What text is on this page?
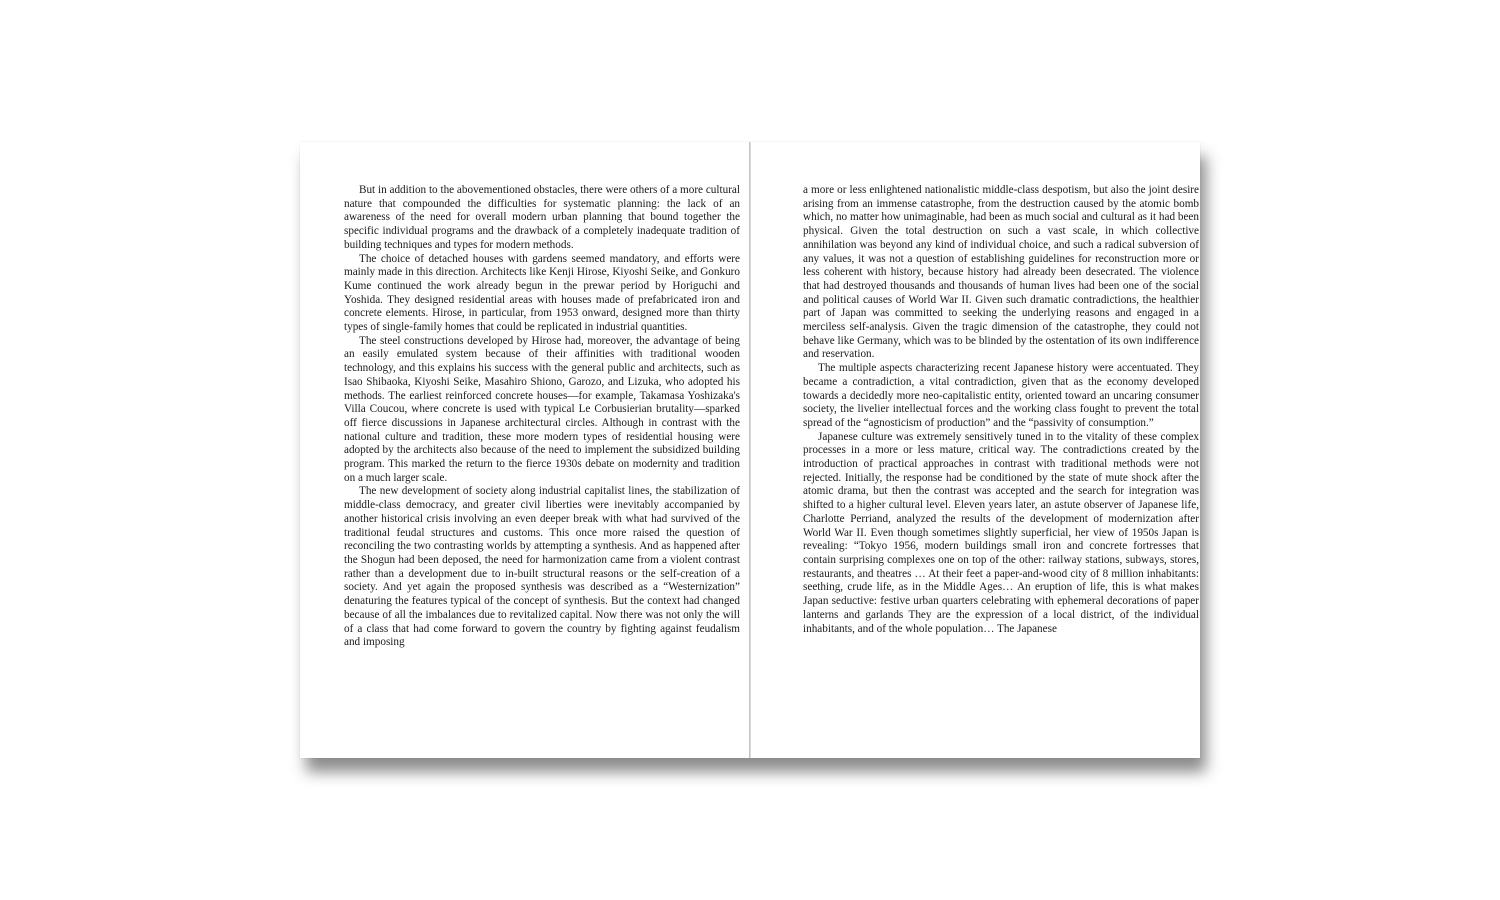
But in addition to the abovementioned obstacles, there were others of a more cultural nature that compounded the difficulties for systematic planning: the lack of an awareness of the need for overall modern urban planning that bound together the specific individual programs and the drawback of a completely inadequate tradition of building techniques and types for modern methods.

The choice of detached houses with gardens seemed mandatory, and efforts were mainly made in this direction. Architects like Kenji Hirose, Kiyoshi Seike, and Gonkuro Kume continued the work already begun in the prewar period by Horiguchi and Yoshida. They designed residential areas with houses made of prefabricated iron and concrete elements. Hirose, in particular, from 1953 onward, designed more than thirty types of single-family homes that could be replicated in industrial quantities.

The steel constructions developed by Hirose had, moreover, the advantage of being an easily emulated system because of their affinities with traditional wooden technology, and this explains his success with the general public and architects, such as Isao Shibaoka, Kiyoshi Seike, Masahiro Shiono, Garozo, and Lizuka, who adopted his methods. The earliest reinforced concrete houses—for example, Takamasa Yoshizaka's Villa Coucou, where concrete is used with typical Le Corbusierian brutality—sparked off fierce discussions in Japanese architectural circles. Although in contrast with the national culture and tradition, these more modern types of residential housing were adopted by the architects also because of the need to implement the subsidized building program. This marked the return to the fierce 1930s debate on modernity and tradition on a much larger scale.

The new development of society along industrial capitalist lines, the stabilization of middle-class democracy, and greater civil liberties were inevitably accompanied by another historical crisis involving an even deeper break with what had survived of the traditional feudal structures and customs. This once more raised the question of reconciling the two contrasting worlds by attempting a synthesis. And as happened after the Shogun had been deposed, the need for harmonization came from a violent contrast rather than a development due to in-built structural reasons or the self-creation of a society. And yet again the proposed synthesis was described as a “Westernization” denaturing the features typical of the concept of synthesis. But the context had changed because of all the imbalances due to revitalized capital. Now there was not only the will of a class that had come forward to govern the country by fighting against feudalism and imposing

a more or less enlightened nationalistic middle-class despotism, but also the joint desire arising from an immense catastrophe, from the destruction caused by the atomic bomb which, no matter how unimaginable, had been as much social and cultural as it had been physical. Given the total destruction on such a vast scale, in which collective annihilation was beyond any kind of individual choice, and such a radical subversion of any values, it was not a question of establishing guidelines for reconstruction more or less coherent with history, because history had already been desecrated. The violence that had destroyed thousands and thousands of human lives had been one of the social and political causes of World War II. Given such dramatic contradictions, the healthier part of Japan was committed to seeking the underlying reasons and engaged in a merciless self-analysis. Given the tragic dimension of the catastrophe, they could not behave like Germany, which was to be blinded by the ostentation of its own indifference and reservation.

The multiple aspects characterizing recent Japanese history were accentuated. They became a contradiction, a vital contradiction, given that as the economy developed towards a decidedly more neo-capitalistic entity, oriented toward an uncaring consumer society, the livelier intellectual forces and the working class fought to prevent the total spread of the “agnosticism of production” and the “passivity of consumption.”

Japanese culture was extremely sensitively tuned in to the vitality of these complex processes in a more or less mature, critical way. The contradictions created by the introduction of practical approaches in contrast with traditional methods were not rejected. Initially, the response had be conditioned by the state of mute shock after the atomic drama, but then the contrast was accepted and the search for integration was shifted to a higher cultural level. Eleven years later, an astute observer of Japanese life, Charlotte Perriand, analyzed the results of the development of modernization after World War II. Even though sometimes slightly superficial, her view of 1950s Japan is revealing: “Tokyo 1956, modern buildings small iron and concrete fortresses that contain surprising complexes one on top of the other: railway stations, subways, stores, restaurants, and theatres … At their feet a paper-and-wood city of 8 million inhabitants: seething, crude life, as in the Middle Ages… An eruption of life, this is what makes Japan seductive: festive urban quarters celebrating with ephemeral decorations of paper lanterns and garlands They are the expression of a local district, of the individual inhabitants, and of the whole population… The Japanese
